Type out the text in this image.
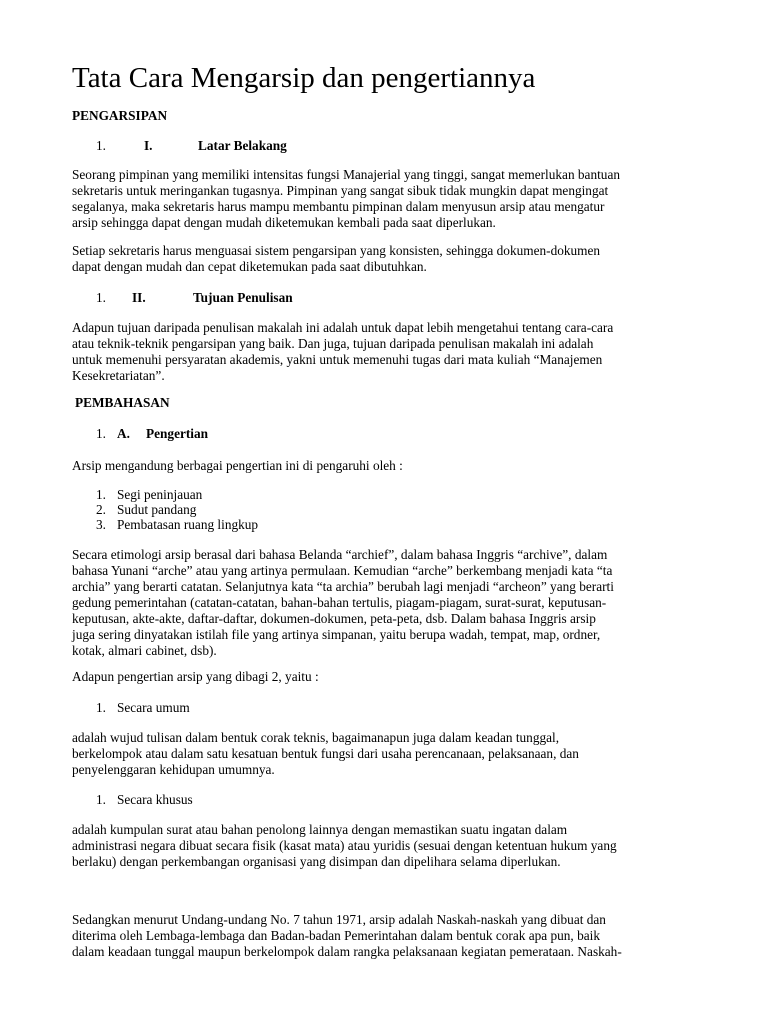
Tata Cara Mengarsip dan pengertiannya
PENGARSIPAN
1.	I.	Latar Belakang
Seorang pimpinan yang memiliki intensitas fungsi Manajerial yang tinggi, sangat memerlukan bantuan
sekretaris untuk meringankan tugasnya. Pimpinan yang sangat sibuk tidak mungkin dapat mengingat
segalanya, maka sekretaris harus mampu membantu pimpinan dalam menyusun arsip atau mengatur
arsip sehingga dapat dengan mudah diketemukan kembali pada saat diperlukan.
Setiap sekretaris harus menguasai sistem pengarsipan yang konsisten, sehingga dokumen-dokumen
dapat dengan mudah dan cepat diketemukan pada saat dibutuhkan.
1. II.	Tujuan Penulisan
Adapun tujuan daripada penulisan makalah ini adalah untuk dapat lebih mengetahui tentang cara-cara
atau teknik-teknik pengarsipan yang baik. Dan juga, tujuan daripada penulisan makalah ini adalah
untuk memenuhi persyaratan akademis, yakni untuk memenuhi tugas dari mata kuliah “Manajemen
Kesekretariatan”.
PEMBAHASAN
1. A. Pengertian
Arsip mengandung berbagai pengertian ini di pengaruhi oleh :
1. Segi peninjauan
2. Sudut pandang
3. Pembatasan ruang lingkup
Secara etimologi arsip berasal dari bahasa Belanda “archief”, dalam bahasa Inggris “archive”, dalam
bahasa Yunani “arche” atau yang artinya permulaan. Kemudian “arche” berkembang menjadi kata “ta
archia” yang berarti catatan. Selanjutnya kata “ta archia” berubah lagi menjadi “archeon” yang berarti
gedung pemerintahan (catatan-catatan, bahan-bahan tertulis, piagam-piagam, surat-surat, keputusan-
keputusan, akte-akte, daftar-daftar, dokumen-dokumen, peta-peta, dsb. Dalam bahasa Inggris arsip
juga sering dinyatakan istilah file yang artinya simpanan, yaitu berupa wadah, tempat, map, ordner,
kotak, almari cabinet, dsb).
Adapun pengertian arsip yang dibagi 2, yaitu :
1. Secara umum
adalah wujud tulisan dalam bentuk corak teknis, bagaimanapun juga dalam keadan tunggal,
berkelompok atau dalam satu kesatuan bentuk fungsi dari usaha perencanaan, pelaksanaan, dan
penyelenggaran kehidupan umumnya.
1. Secara khusus
adalah kumpulan surat atau bahan penolong lainnya dengan memastikan suatu ingatan dalam
administrasi negara dibuat secara fisik (kasat mata) atau yuridis (sesuai dengan ketentuan hukum yang
berlaku) dengan perkembangan organisasi yang disimpan dan dipelihara selama diperlukan.
Sedangkan menurut Undang-undang No. 7 tahun 1971, arsip adalah Naskah-naskah yang dibuat dan
diterima oleh Lembaga-lembaga dan Badan-badan Pemerintahan dalam bentuk corak apa pun, baik
dalam keadaan tunggal maupun berkelompok dalam rangka pelaksanaan kegiatan pemerataan. Naskah-
